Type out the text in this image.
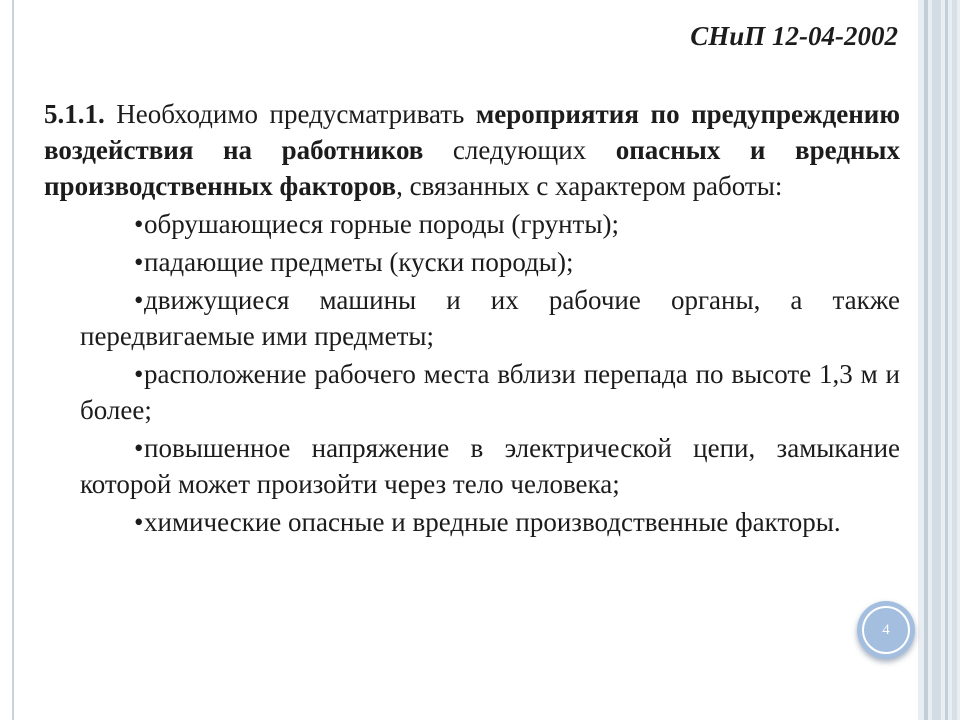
СНиП 12-04-2002

5.1.1. Необходимо предусматривать мероприятия по предупреждению воздействия на работников следующих опасных и вредных производственных факторов, связанных с характером работы:

•обрушающиеся горные породы (грунты);
•падающие предметы (куски породы);
•движущиеся машины и их рабочие органы, а также передвигаемые ими предметы;
•расположение рабочего места вблизи перепада по высоте 1,3 м и более;
•повышенное напряжение в электрической цепи, замыкание которой может произойти через тело человека;
•химические опасные и вредные производственные факторы.
4
